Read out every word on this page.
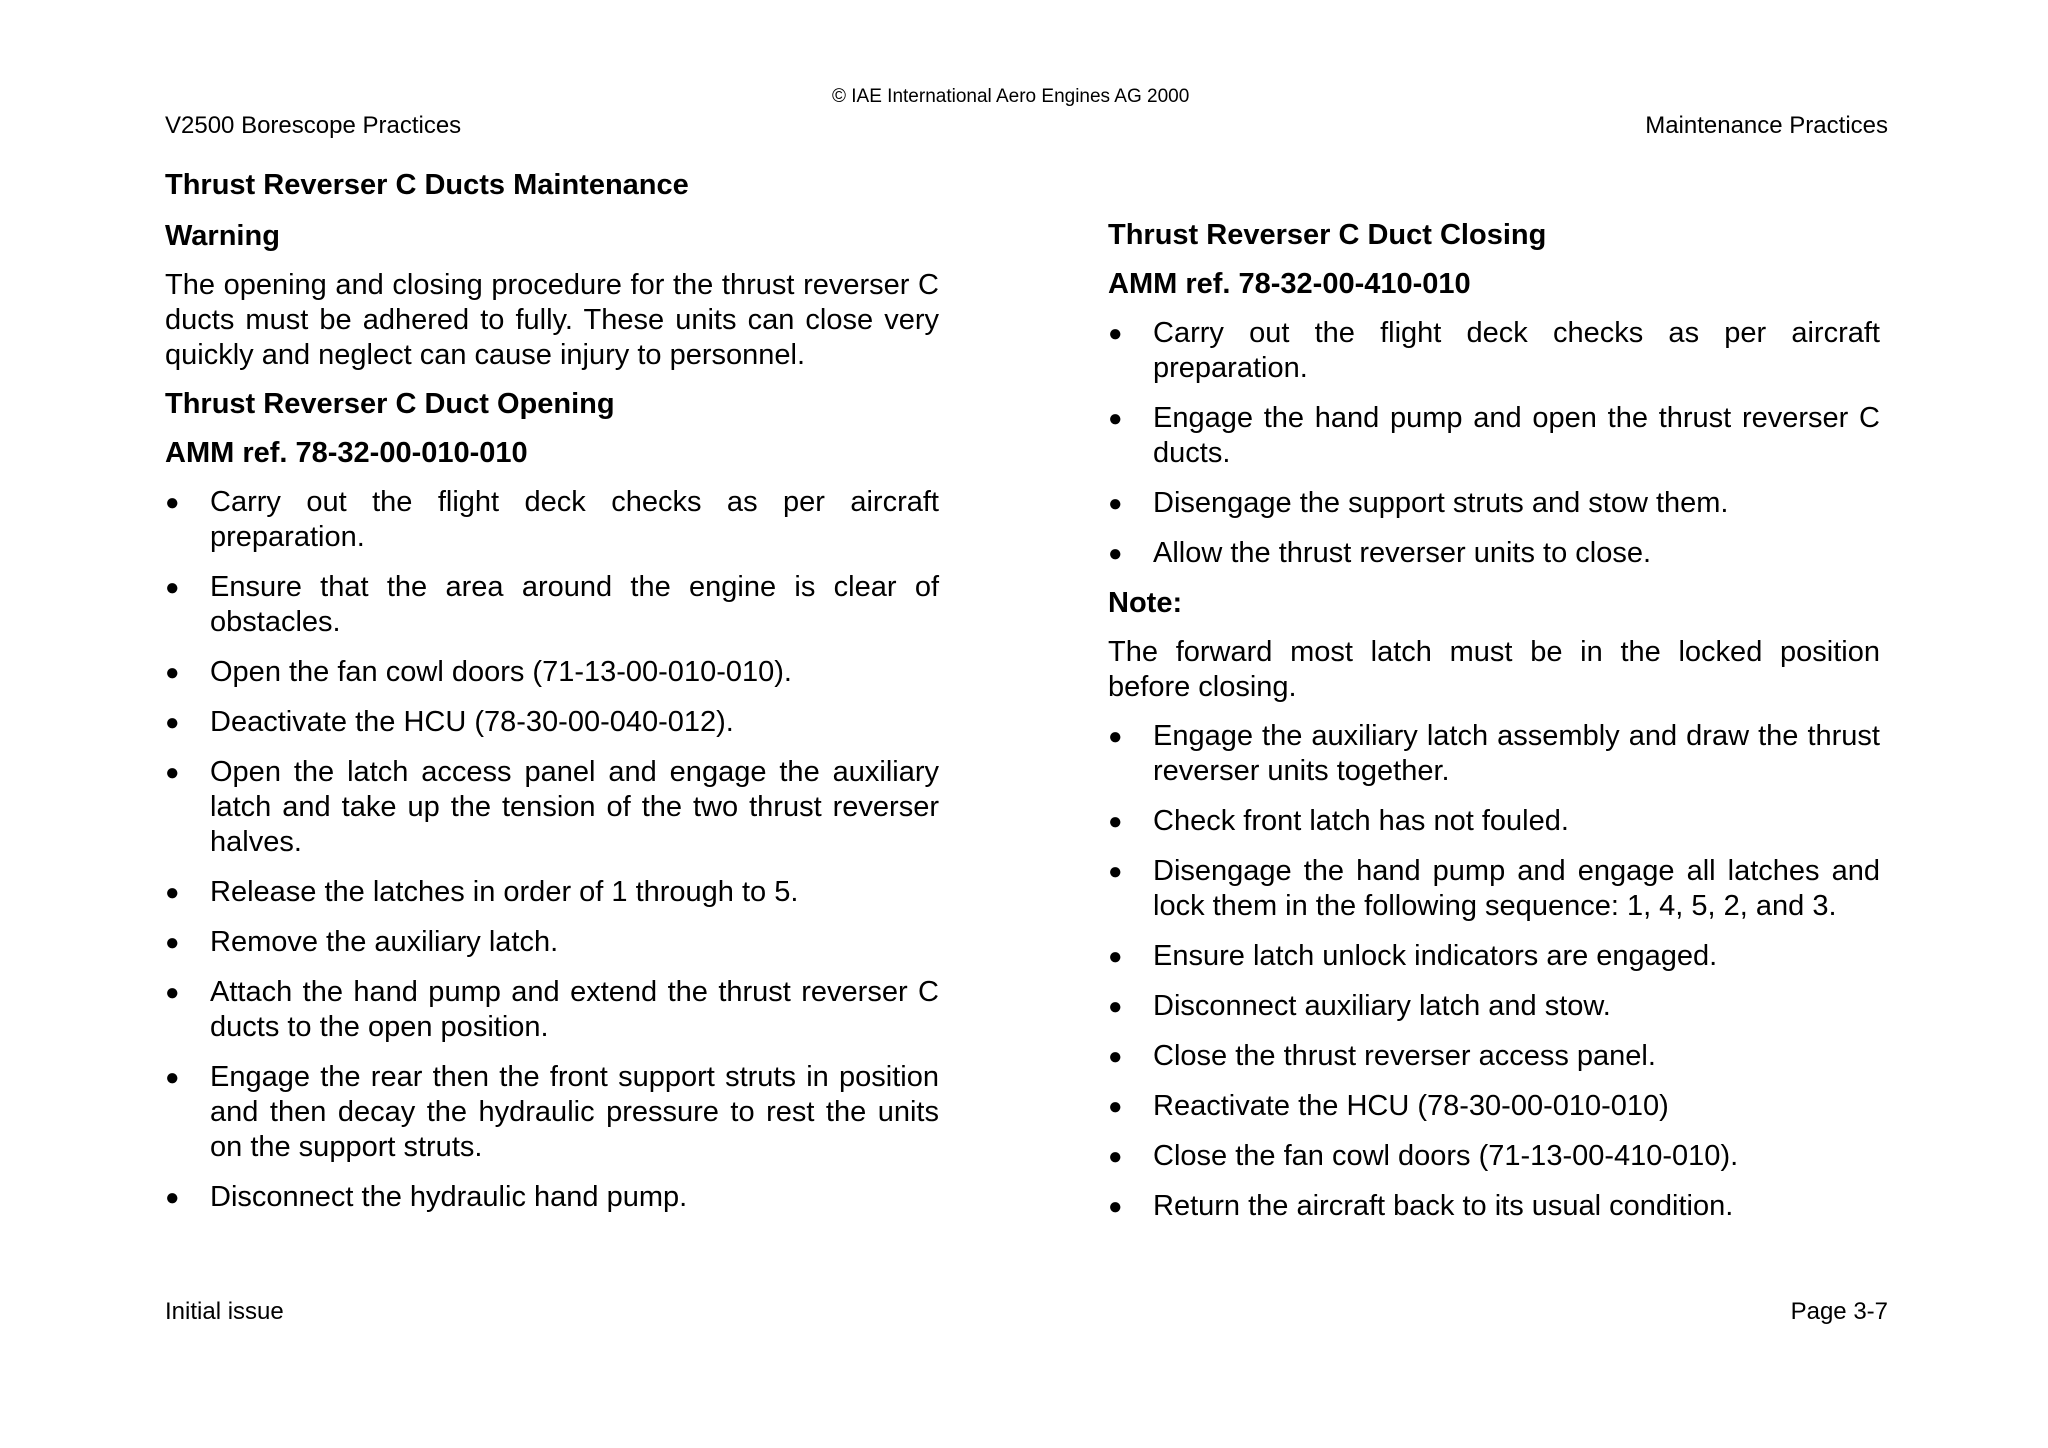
V2500 Borescope Practices
© IAE International Aero Engines AG 2000
Maintenance Practices
Thrust Reverser C Ducts Maintenance
Warning

The opening and closing procedure for the thrust reverser C ducts must be adhered to fully. These units can close very quickly and neglect can cause injury to personnel.

Thrust Reverser C Duct Opening
AMM ref. 78-32-00-010-010
● Carry out the flight deck checks as per aircraft preparation.
● Ensure that the area around the engine is clear of obstacles.
● Open the fan cowl doors (71-13-00-010-010).
● Deactivate the HCU (78-30-00-040-012).
● Open the latch access panel and engage the auxiliary latch and take up the tension of the two thrust reverser halves.
● Release the latches in order of 1 through to 5.
● Remove the auxiliary latch.
● Attach the hand pump and extend the thrust reverser C ducts to the open position.
● Engage the rear then the front support struts in position and then decay the hydraulic pressure to rest the units on the support struts.
● Disconnect the hydraulic hand pump.
Thrust Reverser C Duct Closing
AMM ref. 78-32-00-410-010
● Carry out the flight deck checks as per aircraft preparation.
● Engage the hand pump and open the thrust reverser C ducts.
● Disengage the support struts and stow them.
● Allow the thrust reverser units to close.
Note:

The forward most latch must be in the locked position before closing.

● Engage the auxiliary latch assembly and draw the thrust reverser units together.
● Check front latch has not fouled.
● Disengage the hand pump and engage all latches and lock them in the following sequence: 1, 4, 5, 2, and 3.
● Ensure latch unlock indicators are engaged.
● Disconnect auxiliary latch and stow.
● Close the thrust reverser access panel.
● Reactivate the HCU (78-30-00-010-010)
● Close the fan cowl doors (71-13-00-410-010).
● Return the aircraft back to its usual condition.
Initial issue	Page 3-7
